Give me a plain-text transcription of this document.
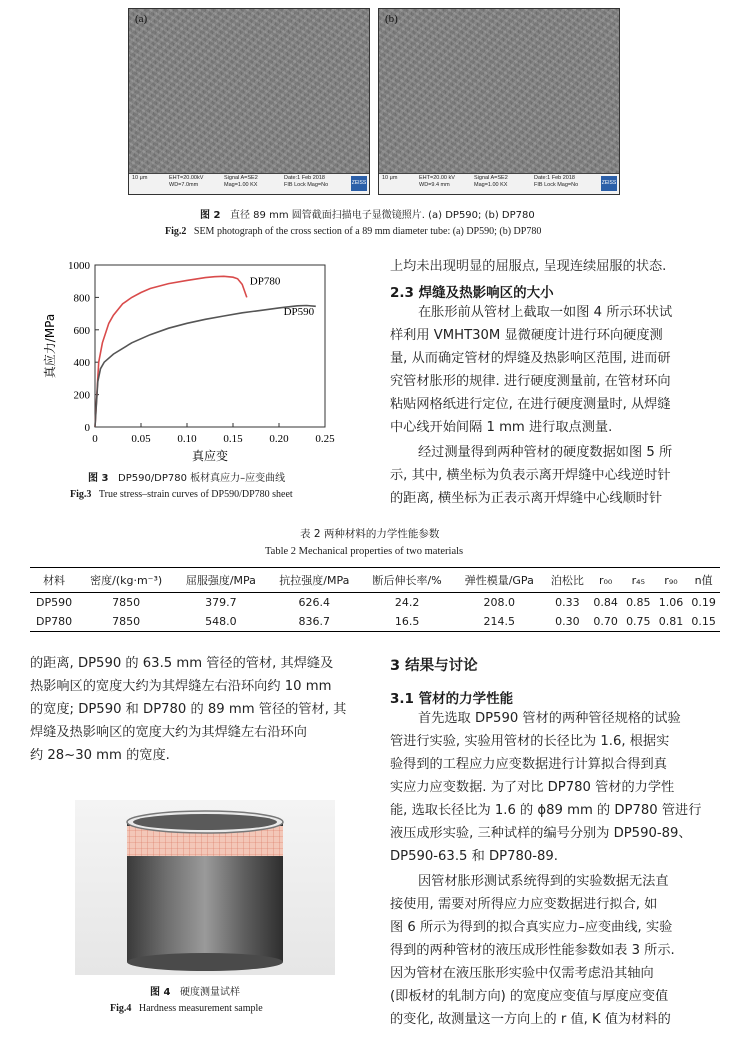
(a)
10 μm	EHT=20.00kV
WD=7.0mm
Signal A=SE2
Mag=1.00 KX
Date:1 Feb 2018
FIB Lock Mag=No	ZEISS
(b)
10 μm	EHT=20.00 kV
WD=9.4 mm
Signal A=SE2
Mag=1.00 KX
Date:1 Feb 2018
FIB Lock Mag=No	ZEISS
图 2 直径 89 mm 圆管截面扫描电子显微镜照片. (a) DP590; (b) DP780
Fig.2 SEM photograph of the cross section of a 89 mm diameter tube: (a) DP590; (b) DP780
0	0.05 0.10 0.15 0.20 0.25
0
200
400
600
800
1000
真应变
真应力/MPa
DP780
DP590
图 3 DP590/DP780 板材真应力–应变曲线
Fig.3 True stress–strain curves of DP590/DP780 sheet
上均未出现明显的屈服点, 呈现连续屈服的状态.
2.3 焊缝及热影响区的大小
在胀形前从管材上截取一如图 4 所示环状试
样利用 VMHT30M 显微硬度计进行环向硬度测
量, 从而确定管材的焊缝及热影响区范围, 进而研
究管材胀形的规律. 进行硬度测量前, 在管材环向
粘贴网格纸进行定位, 在进行硬度测量时, 从焊缝
中心线开始间隔 1 mm 进行取点测量.
经过测量得到两种管材的硬度数据如图 5 所
示, 其中, 横坐标为负表示离开焊缝中心线逆时针
的距离, 横坐标为正表示离开焊缝中心线顺时针
表 2 两种材料的力学性能参数
Table 2 Mechanical properties of two materials
材料	密度/(kg·m⁻³)	屈服强度/MPa	抗拉强度/MPa	断后伸长率/%	弹性模量/GPa	泊松比	r₀₀	r₄₅	r₉₀	n值
DP590	7850	379.7	626.4	24.2	208.0	0.33	0.84	0.85	1.06	0.19
DP780	7850	548.0	836.7	16.5	214.5	0.30	0.70	0.75	0.81	0.15
的距离, DP590 的 63.5 mm 管径的管材, 其焊缝及
热影响区的宽度大约为其焊缝左右沿环向约 10 mm
的宽度; DP590 和 DP780 的 89 mm 管径的管材, 其
焊缝及热影响区的宽度大约为其焊缝左右沿环向
约 28~30 mm 的宽度.
图 4 硬度测量试样
Fig.4 Hardness measurement sample
3 结果与讨论
3.1 管材的力学性能
首先选取 DP590 管材的两种管径规格的试验
管进行实验, 实验用管材的长径比为 1.6, 根据实
验得到的工程应力应变数据进行计算拟合得到真
实应力应变数据. 为了对比 DP780 管材的力学性
能, 选取长径比为 1.6 的 ϕ89 mm 的 DP780 管进行
液压成形实验, 三种试样的编号分别为 DP590-89、
DP590-63.5 和 DP780-89.
因管材胀形测试系统得到的实验数据无法直
接使用, 需要对所得应力应变数据进行拟合, 如
图 6 所示为得到的拟合真实应力–应变曲线, 实验
得到的两种管材的液压成形性能参数如表 3 所示.
因为管材在液压胀形实验中仅需考虑沿其轴向
(即板材的轧制方向) 的宽度应变值与厚度应变值
的变化, 故测量这一方向上的 r 值, K 值为材料的
